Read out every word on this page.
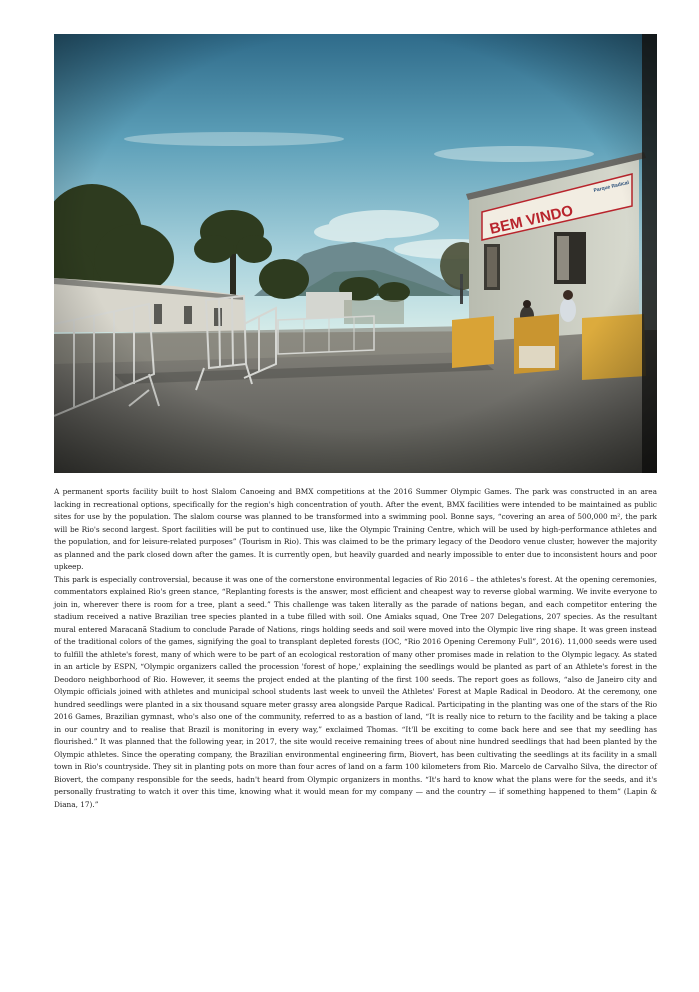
A permanent sports facility built to host Slalom Canoeing and BMX competitions at the 2016 Summer Olympic Games. The park was constructed in an area lacking in recreational options, specifically for the region's high concentration of youth. After the event, BMX facilities were intended to be maintained as public sites for use by the population. The slalom course was planned to be transformed into a swimming pool. Bonne says, “covering an area of 500,000 m², the park will be Rio's second largest. Sport facilities will be put to continued use, like the Olympic Training Centre, which will be used by high-performance athletes and the population, and for leisure-related purposes” (Tourism in Rio). This was claimed to be the primary legacy of the Deodoro venue cluster, however the majority as planned and the park closed down after the games. It is currently open, but heavily guarded and nearly impossible to enter due to inconsistent hours and poor upkeep.

This park is especially controversial, because it was one of the cornerstone environmental legacies of Rio 2016 – the athletes's forest. At the opening ceremonies, commentators explained Rio's green stance, “Replanting forests is the answer, most efficient and cheapest way to reverse global warming. We invite everyone to join in, wherever there is room for a tree, plant a seed.” This challenge was taken literally as the parade of nations began, and each competitor entering the stadium received a native Brazilian tree species planted in a tube filled with soil. One Amiaks squad, One Tree 207 Delegations, 207 species. As the resultant mural entered Maracanã Stadium to conclude Parade of Nations, rings holding seeds and soil were moved into the Olympic live ring shape. It was green instead of the traditional colors of the games, signifying the goal to transplant depleted forests (IOC, “Rio 2016 Opening Ceremony Full”, 2016). 11,000 seeds were used to fulfill the athlete's forest, many of which were to be part of an ecological restoration of many other promises made in relation to the Olympic legacy. As stated in an article by ESPN, “Olympic organizers called the procession 'forest of hope,' explaining the seedlings would be planted as part of an Athlete's forest in the Deodoro neighborhood of Rio. However, it seems the project ended at the planting of the first 100 seeds. The report goes as follows, “also de Janeiro city and Olympic officials joined with athletes and municipal school students last week to unveil the Athletes' Forest at Maple Radical in Deodoro. At the ceremony, one hundred seedlings were planted in a six thousand square meter grassy area alongside Parque Radical. Participating in the planting was one of the stars of the Rio 2016 Games, Brazilian gymnast, who's also one of the community, referred to as a bastion of land, “It is really nice to return to the facility and be taking a place in our country and to realise that Brazil is monitoring in every way,” exclaimed Thomas. “It'll be exciting to come back here and see that my seedling has flourished.” It was planned that the following year, in 2017, the site would receive remaining trees of about nine hundred seedlings that had been planted by the Olympic athletes. Since the operating company, the Brazilian environmental engineering firm, Biovert, has been cultivating the seedlings at its facility in a small town in Rio's countryside. They sit in planting pots on more than four acres of land on a farm 100 kilometers from Rio. Marcelo de Carvalho Silva, the director of Biovert, the company responsible for the seeds, hadn't heard from Olympic organizers in months. “It's hard to know what the plans were for the seeds, and it's personally frustrating to watch it over this time, knowing what it would mean for my company — and the country — if something happened to them” (Lapin & Diana, 17).”
